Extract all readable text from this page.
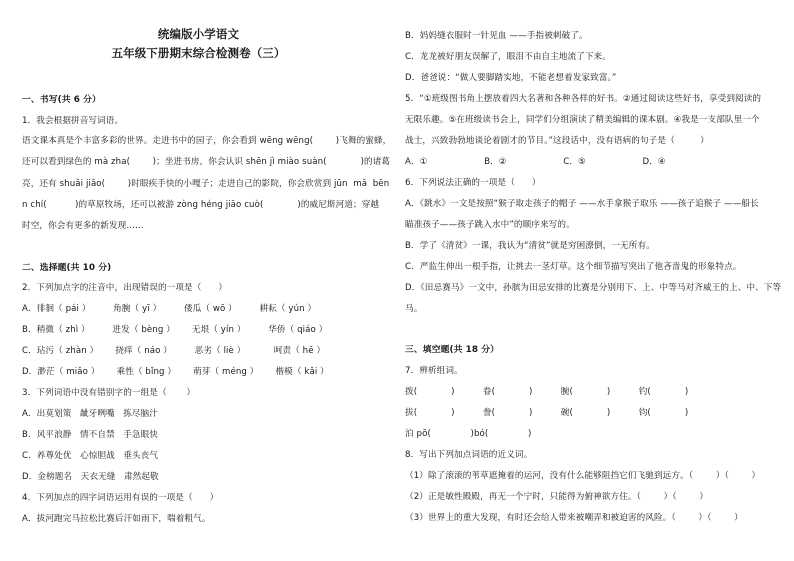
统编版小学语文
五年级下册期末综合检测卷（三）
一、书写(共 6 分）
1．我会根据拼音写词语。
语文课本真是个丰富多彩的世界。走进书中的园子，你会看到 wēng wēng(        )飞舞的蜜蜂，
还可以看到绿色的 mà zha(        )；坐进书房，你会认识 shēn jì miào suàn(            )的诸葛
亮，还有 shuǎi jiǎo(        )时眼疾手快的小嘎子；走进自己的影院，你会欣赏到 jūn  mǎ  bēn
n chí(          )的草原牧场，还可以被游 zòng héng jiāo cuò(            )的威尼斯河道；穿越
时空，你会有更多的新发现……
二、选择题(共 10 分)
2．下列加点字的注音中，出现错误的一项是（      ）
A．徘徊（ pái ）        角腕（ yī ）        倭瓜（ wō ）        耕耘（ yún ）
B．稍微（ zhì ）        进发（ bèng ）      无垠（ yín ）        华侨（ qiáo ）
C．玷污（ zhàn ）      挠痒（ náo ）        恶劣（ liè ）          呵责（ hē ）
D．渺茫（ miǎo ）      乘性（ bǐng ）      萌芽（ méng ）      楷模（ kǎi ）
3．下列词语中没有错别字的一组是（       ）
A．出莫划策   龇牙咧嘴   拣尽脑汁
B．风平浪静   情不自禁   手急眼快
C．养尊处优   心惊胆战   垂头丧气
D．金榜题名   天衣无缝   肃然起敬
4．下列加点的四字词语运用有误的一项是（      ）
A．拔河跑完马拉松比赛后汗如雨下，喘着粗气。
B．妈妈缝衣服时一针见血 ——手指被刺破了。
C．龙龙被好朋友误解了，眼泪不由自主地流了下来。
D．爸爸说：“做人要脚踏实地，不能老想着发家致富。”
5．“①班级图书角上摆放着四大名著和各种各样的好书。②通过阅读这些好书，享受到阅读的
无限乐趣。⑤在班级读书会上，同学们分组演读了精美编辑的课本剧。④我是一支部队里一个
战士，兴致勃勃地谈论着剧才的节目。”这段话中，没有语病的句子是（         ）
A．①                    B．②                    C．⑤                    D．④
6．下列说法正确的一项是（      ）
A．《跳水》一文是按照“猴子取走孩子的帽子 ——水手拿猴子取乐 ——孩子追猴子 ——船长
瞄准孩子——孩子跳入水中”的顺序来写的。
B．学了《清贫》一课，我认为“清贫”就是穷困潦倒，一无所有。
C．严监生伸出一根手指，让挑去一茎灯草。这个细节描写突出了他吝啬鬼的形象特点。
D．《田忌赛马》一文中，孙膑为田忌安排的比赛是分别用下、上、中等马对齐威王的上、中、下等
马。
三、填空题(共 18 分）
7．辨析组词。
拨(            )          眷(            )          腕(            )          钓(            )
拔(            )          誊(            )          碗(            )          钧(            )
泊 pō(              )bó(              )
8．写出下列加点词语的近义词。
（1）除了滚滚的苇草遮掩着的运河，没有什么能够阻挡它们飞驰到远方。（        ）（        ）
（2）正是敏性殿殿，再无一个宁时，只能得为俯神欲方住。（        ）（        ）
（3）世界上的重大发现，有时还会给人带来被嘲弄和被迫害的风险。（        ）（        ）
